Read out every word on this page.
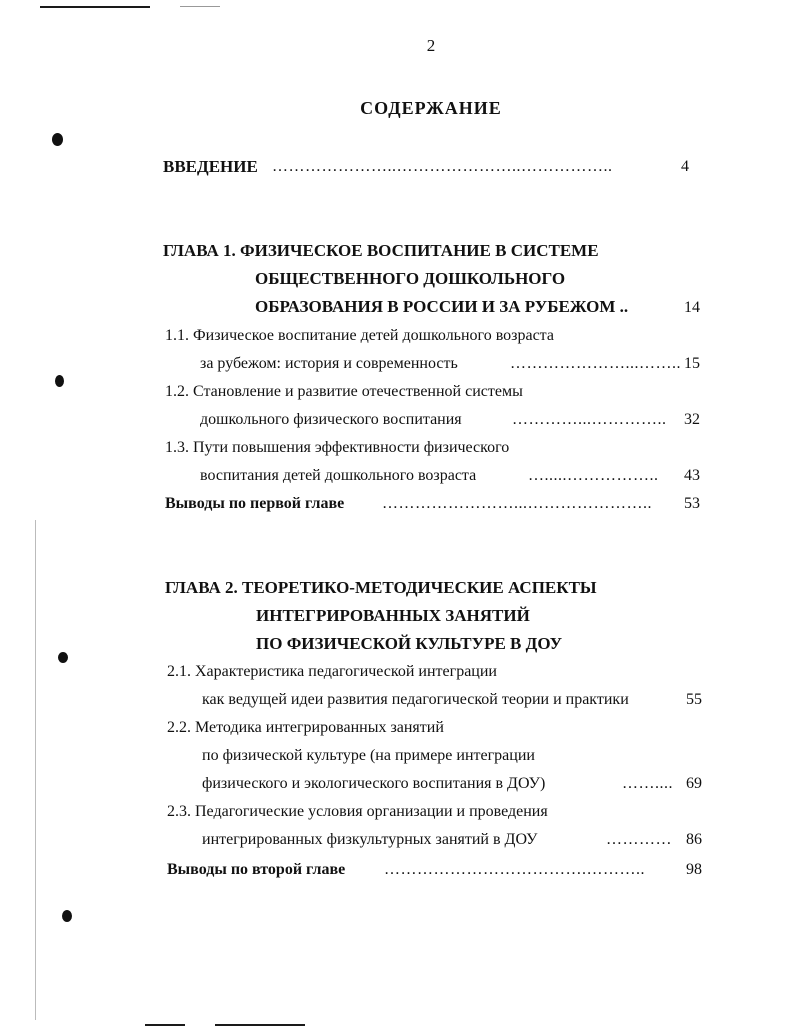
2
СОДЕРЖАНИЕ
ВВЕДЕНИЕ …………………..…………………..……………..	4
ГЛАВА 1. ФИЗИЧЕСКОЕ ВОСПИТАНИЕ В СИСТЕМЕ
ОБЩЕСТВЕННОГО ДОШКОЛЬНОГО
ОБРАЗОВАНИЯ В РОССИИ И ЗА РУБЕЖОМ ..	14
1.1. Физическое воспитание детей дошкольного возраста
за рубежом: история и современность	…………………...…….. 15
1.2. Становление и развитие отечественной системы
дошкольного физического воспитания	…………...………….. 32
1.3. Пути повышения эффективности физического
воспитания детей дошкольного возраста	….....…………….. 43
Выводы по первой главе ……………………...………………….. 53
ГЛАВА 2. ТЕОРЕТИКО-МЕТОДИЧЕСКИЕ АСПЕКТЫ
ИНТЕГРИРОВАННЫХ ЗАНЯТИЙ
ПО ФИЗИЧЕСКОЙ КУЛЬТУРЕ В ДОУ
2.1. Характеристика педагогической интеграции
как ведущей идеи развития педагогической теории и практики	55
2.2. Методика интегрированных занятий
по физической культуре (на примере интеграции
физического и экологического воспитания в ДОУ)	…….... 69
2.3. Педагогические условия организации и проведения
интегрированных физкультурных занятий в ДОУ	………… 86
Выводы по второй главе ……………………………….………..	98
